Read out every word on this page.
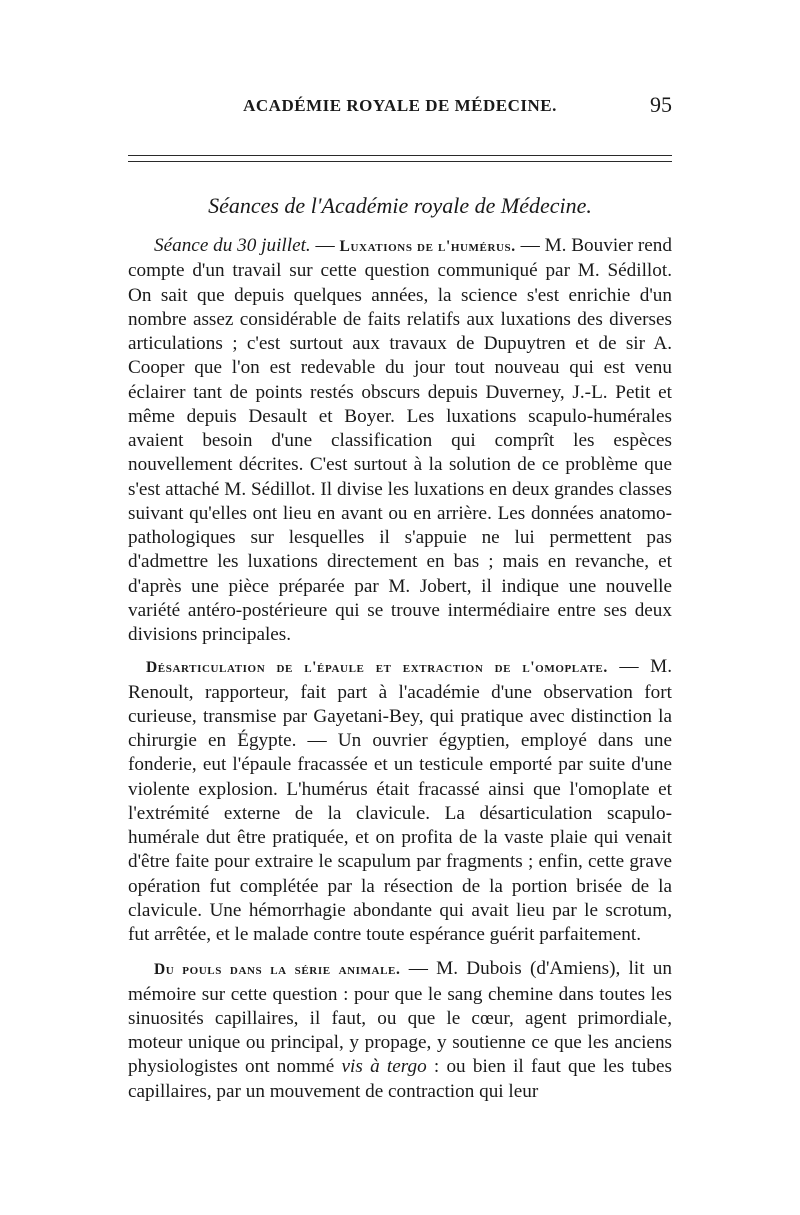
ACADÉMIE ROYALE DE MÉDECINE.	95
Séances de l'Académie royale de Médecine.

Séance du 30 juillet. — Luxations de l'humérus. — M. Bouvier rend compte d'un travail sur cette question communiqué par M. Sédillot. On sait que depuis quelques années, la science s'est enrichie d'un nombre assez considérable de faits relatifs aux luxations des diverses articulations ; c'est surtout aux travaux de Dupuytren et de sir A. Cooper que l'on est redevable du jour tout nouveau qui est venu éclairer tant de points restés obscurs depuis Duverney, J.-L. Petit et même depuis Desault et Boyer. Les luxations scapulo-humérales avaient besoin d'une classification qui comprît les espèces nouvellement décrites. C'est surtout à la solution de ce problème que s'est attaché M. Sédillot. Il divise les luxations en deux grandes classes suivant qu'elles ont lieu en avant ou en arrière. Les données anatomo-pathologiques sur lesquelles il s'appuie ne lui permettent pas d'admettre les luxations directement en bas ; mais en revanche, et d'après une pièce préparée par M. Jobert, il indique une nouvelle variété antéro-postérieure qui se trouve intermédiaire entre ses deux divisions principales.

Désarticulation de l'épaule et extraction de l'omoplate. — M. Renoult, rapporteur, fait part à l'académie d'une observation fort curieuse, transmise par Gayetani-Bey, qui pratique avec distinction la chirurgie en Égypte. — Un ouvrier égyptien, employé dans une fonderie, eut l'épaule fracassée et un testicule emporté par suite d'une violente explosion. L'humérus était fracassé ainsi que l'omoplate et l'extrémité externe de la clavicule. La désarticulation scapulo-humérale dut être pratiquée, et on profita de la vaste plaie qui venait d'être faite pour extraire le scapulum par fragments ; enfin, cette grave opération fut complétée par la résection de la portion brisée de la clavicule. Une hémorrhagie abondante qui avait lieu par le scrotum, fut arrêtée, et le malade contre toute espérance guérit parfaitement.

Du pouls dans la série animale. — M. Dubois (d'Amiens), lit un mémoire sur cette question : pour que le sang chemine dans toutes les sinuosités capillaires, il faut, ou que le cœur, agent primordiale, moteur unique ou principal, y propage, y soutienne ce que les anciens physiologistes ont nommé vis à tergo : ou bien il faut que les tubes capillaires, par un mouvement de contraction qui leur
